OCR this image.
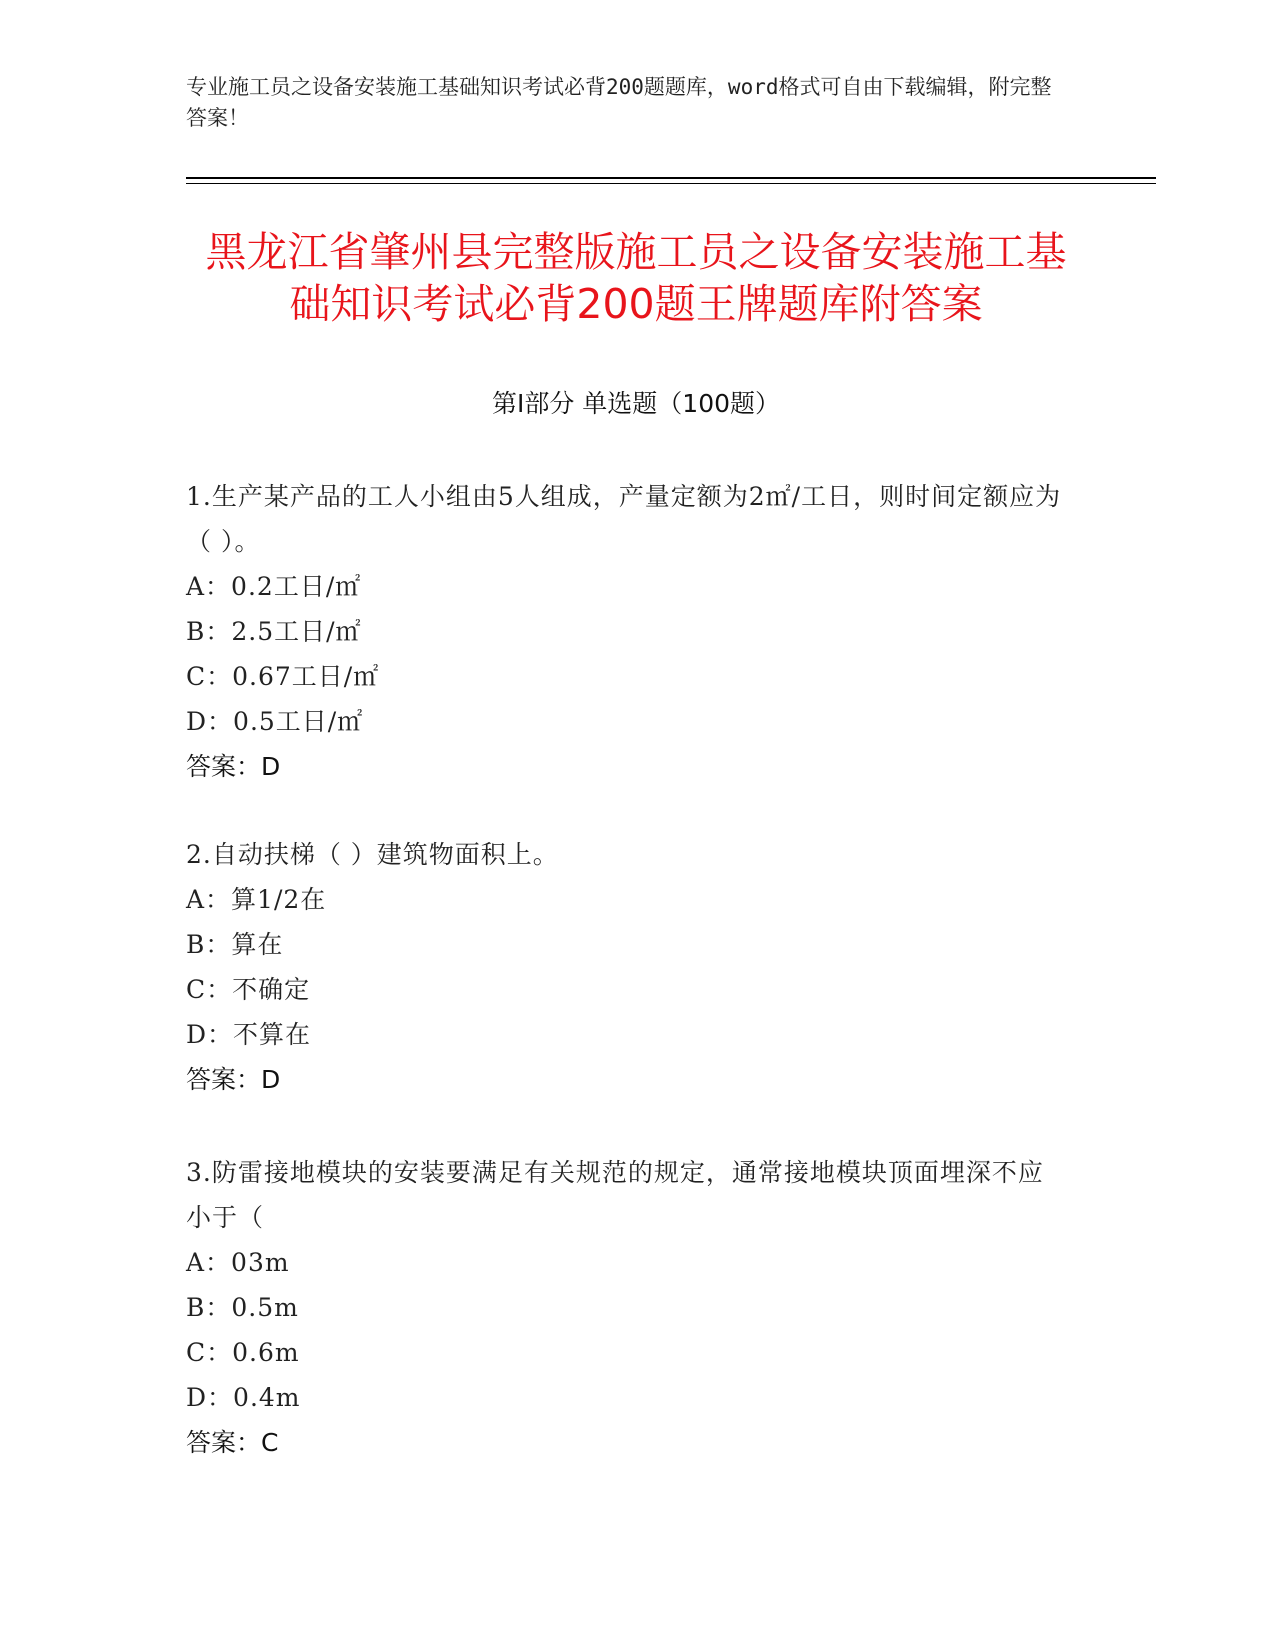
专业施工员之设备安装施工基础知识考试必背200题题库，word格式可自由下载编辑，附完整答案！
黑龙江省肇州县完整版施工员之设备安装施工基础知识考试必背200题王牌题库附答案
第I部分 单选题（100题）
1.生产某产品的工人小组由5人组成，产量定额为2㎡/工日，则时间定额应为（ ）。
A：0.2工日/㎡
B：2.5工日/㎡
C：0.67工日/㎡
D：0.5工日/㎡
答案：D
2.自动扶梯（ ）建筑物面积上。
A：算1/2在
B：算在
C：不确定
D：不算在
答案：D
3.防雷接地模块的安装要满足有关规范的规定，通常接地模块顶面埋深不应小于（
A：03m
B：0.5m
C：0.6m
D：0.4m
答案：C
